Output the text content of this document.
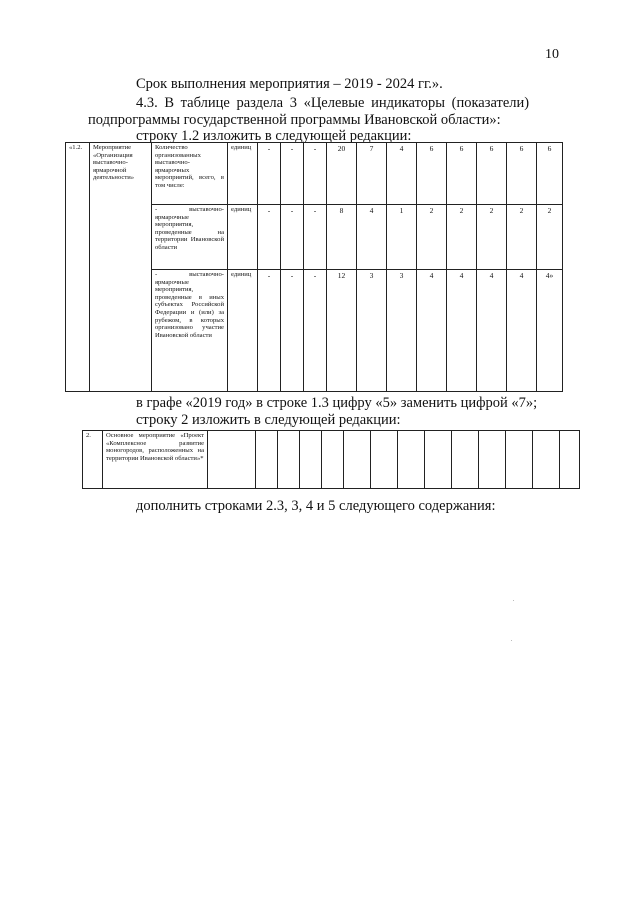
10
Срок выполнения мероприятия – 2019 - 2024 гг.».
4.3. В таблице раздела 3 «Целевые индикаторы (показатели)
подпрограммы государственной программы Ивановской области»:
строку 1.2 изложить в следующей редакции:
«1.2.	Мероприятие «Организация выставочно-ярмарочной деятельности»	Количество организованных выставочно-ярмарочных мероприятий, всего, в том числе:	единиц	-	-	-	20	7	4	6	6	6	6	6
		- выставочно-ярмарочные мероприятия, проведенные на территории Ивановской области	единиц	-	-	-	8	4	1	2	2	2	2	2
		- выставочно-ярмарочные мероприятия, проведенные в иных субъектах Российской Федерации и (или) за рубежом, в которых организовано участие Ивановской области	единиц	-	-	-	12	3	3	4	4	4	4	4»
в графе «2019 год» в строке 1.3 цифру «5» заменить цифрой «7»;
строку 2 изложить в следующей редакции:
2.	Основное мероприятие «Проект «Комплексное развитие моногородов, расположенных на территории Ивановской области»*														
дополнить строками 2.3, 3, 4 и 5 следующего содержания:
